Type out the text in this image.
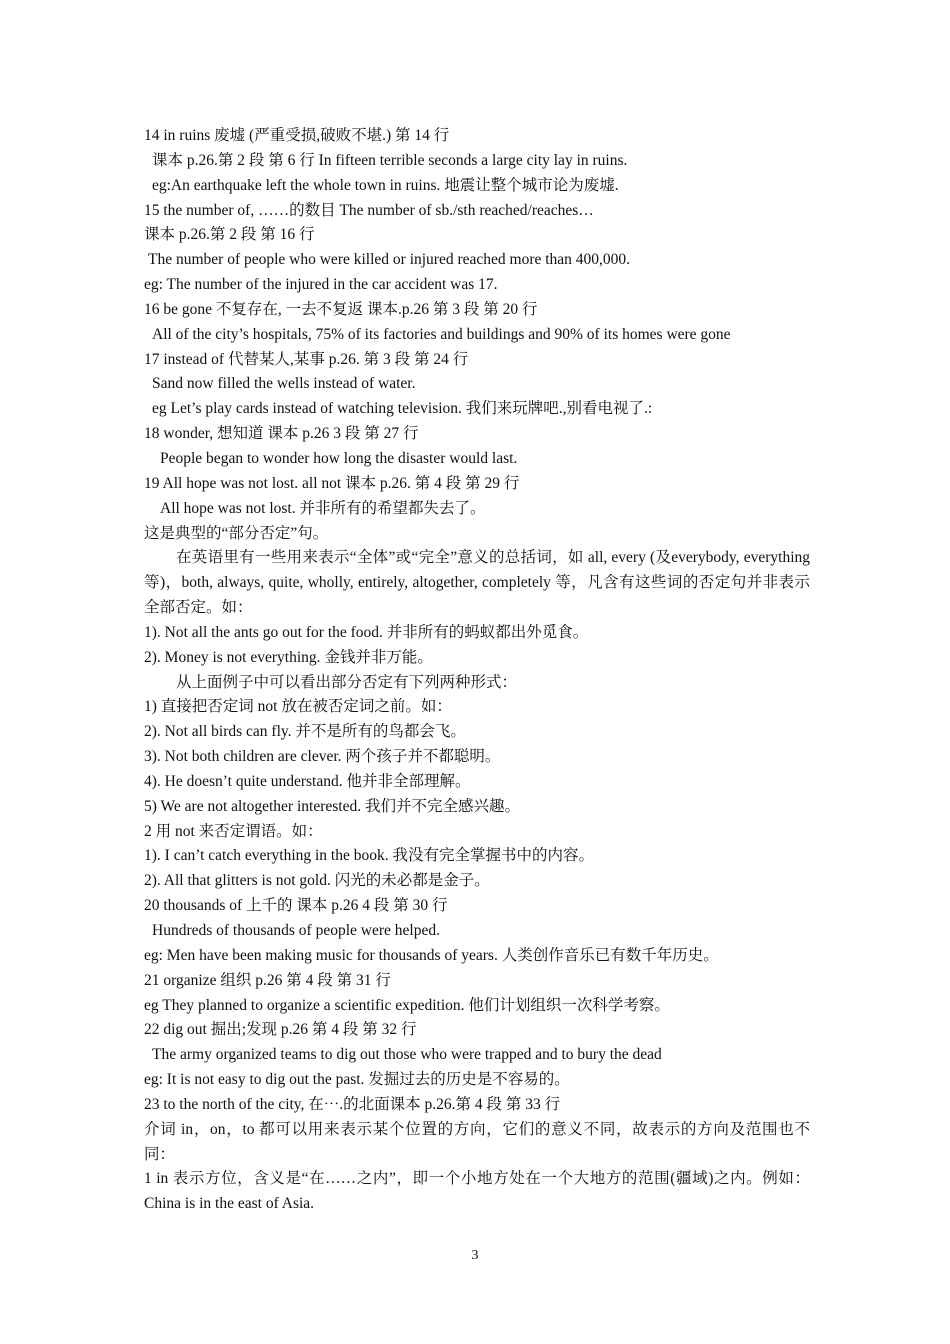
14 in ruins 废墟 (严重受损,破败不堪.) 第 14 行
课本 p.26.第 2 段 第 6 行 In fifteen terrible seconds a large city lay in ruins.
eg:An earthquake left the whole town in ruins. 地震让整个城市论为废墟.
15 the number of, ……的数目 The number of sb./sth reached/reaches…
课本 p.26.第 2 段 第 16 行
The number of people who were killed or injured reached more than 400,000.
eg: The number of the injured in the car accident was 17.
16 be gone 不复存在, 一去不复返 课本.p.26 第 3 段 第 20 行
All of the city’s hospitals, 75% of its factories and buildings and 90% of its homes were gone
17 instead of 代替某人,某事 p.26. 第 3 段 第 24 行
Sand now filled the wells instead of water.
eg Let’s play cards instead of watching television. 我们来玩牌吧.,别看电视了.:
18 wonder, 想知道 课本 p.26 3 段 第 27 行
People began to wonder how long the disaster would last.
19 All hope was not lost. all not 课本 p.26. 第 4 段 第 29 行
All hope was not lost. 并非所有的希望都失去了。
这是典型的“部分否定”句。
在英语里有一些用来表示“全体”或“完全”意义的总括词，如 all, every (及everybody, everything 等)，both, always, quite, wholly, entirely, altogether, completely 等，凡含有这些词的否定句并非表示全部否定。如：
1). Not all the ants go out for the food. 并非所有的蚂蚁都出外觅食。
2). Money is not everything. 金钱并非万能。
从上面例子中可以看出部分否定有下列两种形式：
1) 直接把否定词 not 放在被否定词之前。如：
2). Not all birds can fly. 并不是所有的鸟都会飞。
3). Not both children are clever. 两个孩子并不都聪明。
4). He doesn’t quite understand. 他并非全部理解。
5) We are not altogether interested. 我们并不完全感兴趣。
2 用 not 来否定谓语。如：
1). I can’t catch everything in the book. 我没有完全掌握书中的内容。
2). All that glitters is not gold. 闪光的未必都是金子。
20 thousands of 上千的 课本 p.26 4 段 第 30 行
Hundreds of thousands of people were helped.
eg: Men have been making music for thousands of years. 人类创作音乐已有数千年历史。
21 organize 组织 p.26 第 4 段 第 31 行
eg They planned to organize a scientific expedition. 他们计划组织一次科学考察。
22 dig out 掘出;发现 p.26 第 4 段 第 32 行
The army organized teams to dig out those who were trapped and to bury the dead
eg: It is not easy to dig out the past. 发掘过去的历史是不容易的。
23 to the north of the city, 在⋯.的北面课本 p.26.第 4 段 第 33 行
介词 in，on，to 都可以用来表示某个位置的方向，它们的意义不同，故表示的方向及范围也不同：
1 in 表示方位，含义是“在……之内”，即一个小地方处在一个大地方的范围(疆域)之内。例如： China is in the east of Asia.
3
